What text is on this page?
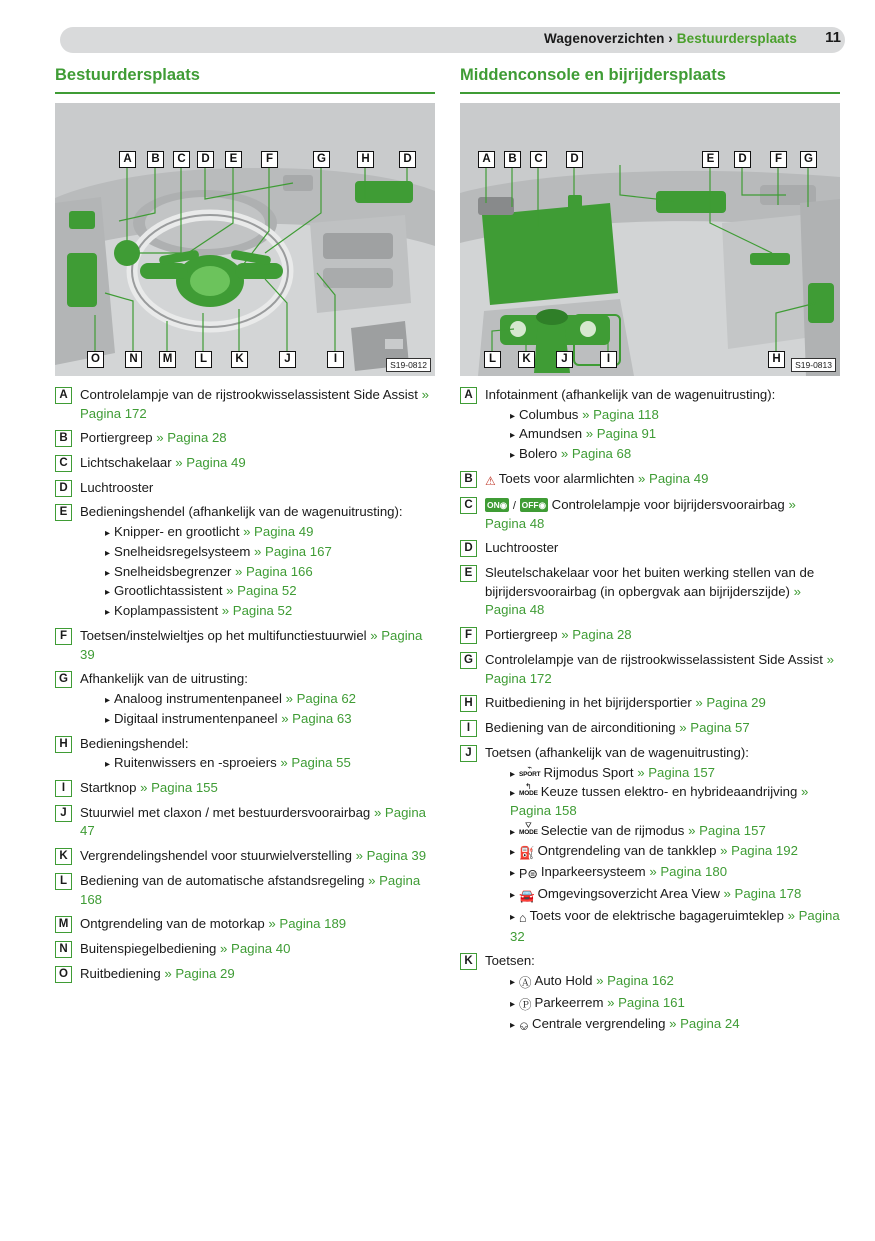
Wagenoverzichten › Bestuurdersplaats 11
Bestuurdersplaats
A	B	C	D	E	F	G	H	D
O	N	M	L	K	J	I	S19-0812
A Controlelampje van de rijstrookwisselassistent Side Assist » Pagina 172
B Portiergreep » Pagina 28
C Lichtschakelaar » Pagina 49
D Luchtrooster
E Bedieningshendel (afhankelijk van de wagenuitrusting):
▸ Knipper- en grootlicht » Pagina 49
▸ Snelheidsregelsysteem » Pagina 167
▸ Snelheidsbegrenzer » Pagina 166
▸ Grootlichtassistent » Pagina 52
▸ Koplampassistent » Pagina 52
F Toetsen/instelwieltjes op het multifunctiestuurwiel » Pagina 39
G Afhankelijk van de uitrusting:
▸ Analoog instrumentenpaneel » Pagina 62
▸ Digitaal instrumentenpaneel » Pagina 63
H Bedieningshendel:
▸ Ruitenwissers en -sproeiers » Pagina 55
I	Startknop » Pagina 155
J	Stuurwiel met claxon / met bestuurdersvoorairbag » Pagina 47
K Vergrendelingshendel voor stuurwielverstelling » Pagina 39
L Bediening van de automatische afstandsregeling » Pagina 168
M Ontgrendeling van de motorkap » Pagina 189
N Buitenspiegelbediening » Pagina 40
O Ruitbediening » Pagina 29
Middenconsole en bijrijdersplaats
A	B	C	D	E	D	F	G
L	K	J	I	H	S19-0813
A Infotainment (afhankelijk van de wagenuitrusting):
▸ Columbus » Pagina 118
▸ Amundsen » Pagina 91
▸ Bolero » Pagina 68
B	⚠ Toets voor alarmlichten » Pagina 49
C	ON◉ / OFF◉ Controlelampje voor bijrijdersvoorairbag » Pagina 48
D Luchtrooster
E Sleutelschakelaar voor het buiten werking stellen van de bijrijdersvoorairbag (in opbergvak aan bijrijderszijde) » Pagina 48
F Portiergreep » Pagina 28
G Controlelampje van de rijstrookwisselassistent Side Assist » Pagina 172
H Ruitbediening in het bijrijdersportier » Pagina 29
I	Bediening van de airconditioning » Pagina 57
J	Toetsen (afhankelijk van de wagenuitrusting):
▸⌁
SPORT Rijmodus Sport » Pagina 157
▸↰
MODE Keuze tussen elektro- en hybrideaandrijving » Pagina 158
▸⛛
MODE Selectie van de rijmodus » Pagina 157
▸ ⛽ Ontgrendeling van de tankklep » Pagina 192
▸ P⊜ Inparkeersysteem » Pagina 180
▸ 🚘 Omgevingsoverzicht Area View » Pagina 178
▸ ⌂ Toets voor de elektrische bagageruimteklep » Pagina 32
K Toetsen:
▸ Ⓐ Auto Hold » Pagina 162
▸ Ⓟ Parkeerrem » Pagina 161
▸ ⎉ Centrale vergrendeling » Pagina 24
